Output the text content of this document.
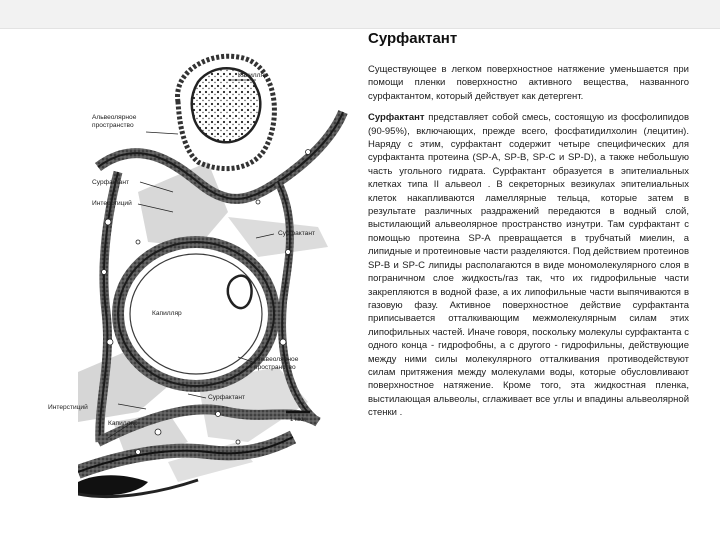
Капилляр
Альвеолярное пространство
Сурфактант
Интерстиций
Сурфактант
Капилляр
Альвеолярное пространство
Интерстиций
Сурфактант
Капилляр	1 мкм
Сурфактант

Существующее в легком поверхностное натяжение уменьшается при помощи пленки поверхностно активного вещества, названного сурфактантом, который действует как детергент.

Сурфактант представляет собой смесь, состоящую из фосфолипидов (90-95%), включающих, прежде всего, фосфатидилхолин (лецитин). Наряду с этим, сурфактант содержит четыре специфических для сурфактанта протеина (SP-A, SP-B, SP-C и SP-D), а также небольшую часть угольного гидрата. Сурфактант образуется в эпителиальных клетках типа II альвеол . В секреторных везикулах эпителиальных клеток накапливаются ламеллярные тельца, которые затем в результате различных раздражений передаются в водный слой, выстилающий альвеолярное пространство изнутри. Там сурфактант с помощью протеина SP-A превращается в трубчатый миелин, а липидные и протеиновые части разделяются. Под действием протеинов SP-B и SP-C липиды располагаются в виде мономолекулярного слоя в пограничном слое жидкость/газ так, что их гидрофильные части закрепляются в водной фазе, а их липофильные части выпячиваются в газовую фазу. Активное поверхностное действие сурфактанта приписывается отталкивающим межмолекулярным силам этих липофильных частей. Иначе говоря, поскольку молекулы сурфактанта с одного конца - гидрофобны, а с другого - гидрофильны, действующие между ними силы молекулярного отталкивания противодействуют силам притяжения между молекулами воды, которые обусловливают поверхностное натяжение. Кроме того, эта жидкостная пленка, выстилающая альвеолы, сглаживает все углы и впадины альвеолярной стенки .
